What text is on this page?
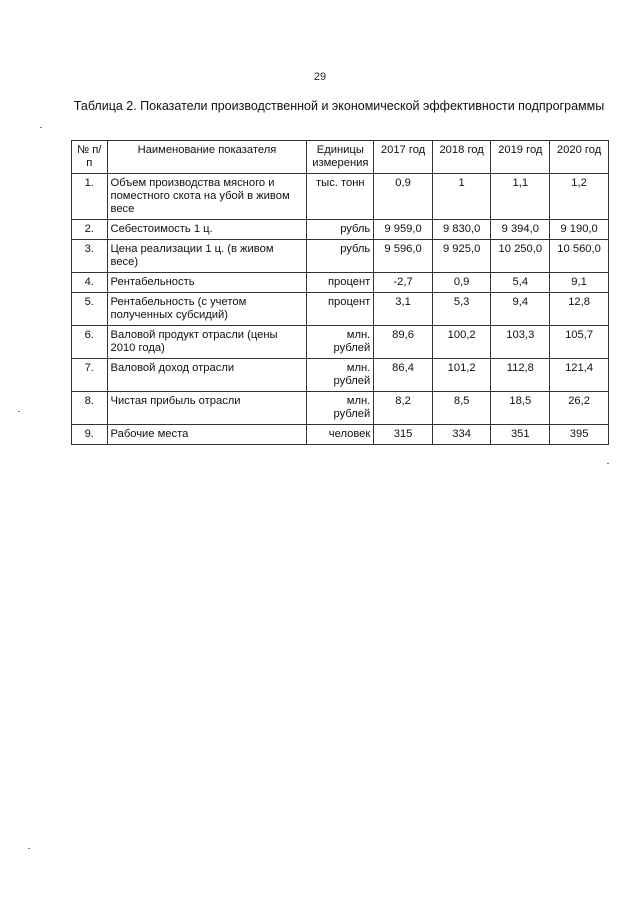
29
Таблица 2. Показатели производственной и экономической эффективности подпрограммы
№ п/п	Наименование показателя	Единицы измерения	2017 год	2018 год	2019 год	2020 год
1.	Объем производства мясного и поместного скота на убой в живом весе	тыс. тонн	0,9	1	1,1	1,2
2.	Себестоимость 1 ц.	рубль	9 959,0	9 830,0	9 394,0	9 190,0
3.	Цена реализации 1 ц. (в живом весе)	рубль	9 596,0	9 925,0	10 250,0	10 560,0
4.	Рентабельность	процент	-2,7	0,9	5,4	9,1
5.	Рентабельность (с учетом полученных субсидий)	процент	3,1	5,3	9,4	12,8
6.	Валовой продукт отрасли (цены 2010 года)	млн. рублей	89,6	100,2	103,3	105,7
7.	Валовой доход отрасли	млн. рублей	86,4	101,2	112,8	121,4
8.	Чистая прибыль отрасли	млн. рублей	8,2	8,5	18,5	26,2
9.	Рабочие места	человек	315	334	351	395
